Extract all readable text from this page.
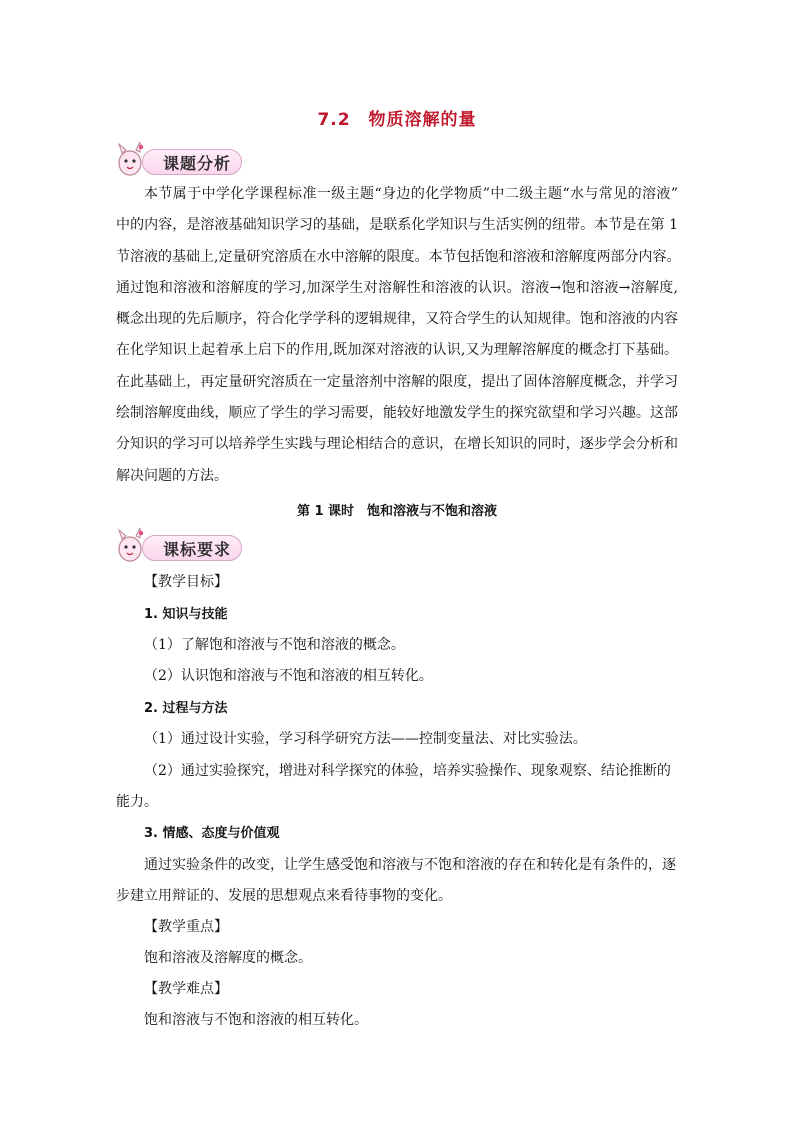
7.2　物质溶解的量
课题分析
本节属于中学化学课程标准一级主题“身边的化学物质”中二级主题“水与常见的溶液”
中的内容，是溶液基础知识学习的基础，是联系化学知识与生活实例的纽带。本节是在第 1
节溶液的基础上,定量研究溶质在水中溶解的限度。本节包括饱和溶液和溶解度两部分内容。
通过饱和溶液和溶解度的学习,加深学生对溶解性和溶液的认识。溶液→饱和溶液→溶解度,
概念出现的先后顺序，符合化学学科的逻辑规律，又符合学生的认知规律。饱和溶液的内容
在化学知识上起着承上启下的作用,既加深对溶液的认识,又为理解溶解度的概念打下基础。
在此基础上，再定量研究溶质在一定量溶剂中溶解的限度，提出了固体溶解度概念，并学习
绘制溶解度曲线，顺应了学生的学习需要，能较好地激发学生的探究欲望和学习兴趣。这部
分知识的学习可以培养学生实践与理论相结合的意识，在增长知识的同时，逐步学会分析和
解决问题的方法。
第 1 课时　饱和溶液与不饱和溶液
课标要求
【教学目标】
1. 知识与技能
（1）了解饱和溶液与不饱和溶液的概念。
（2）认识饱和溶液与不饱和溶液的相互转化。
2. 过程与方法
（1）通过设计实验，学习科学研究方法——控制变量法、对比实验法。
（2）通过实验探究，增进对科学探究的体验，培养实验操作、现象观察、结论推断的
能力。
3. 情感、态度与价值观
通过实验条件的改变，让学生感受饱和溶液与不饱和溶液的存在和转化是有条件的，逐
步建立用辩证的、发展的思想观点来看待事物的变化。
【教学重点】
饱和溶液及溶解度的概念。
【教学难点】
饱和溶液与不饱和溶液的相互转化。
